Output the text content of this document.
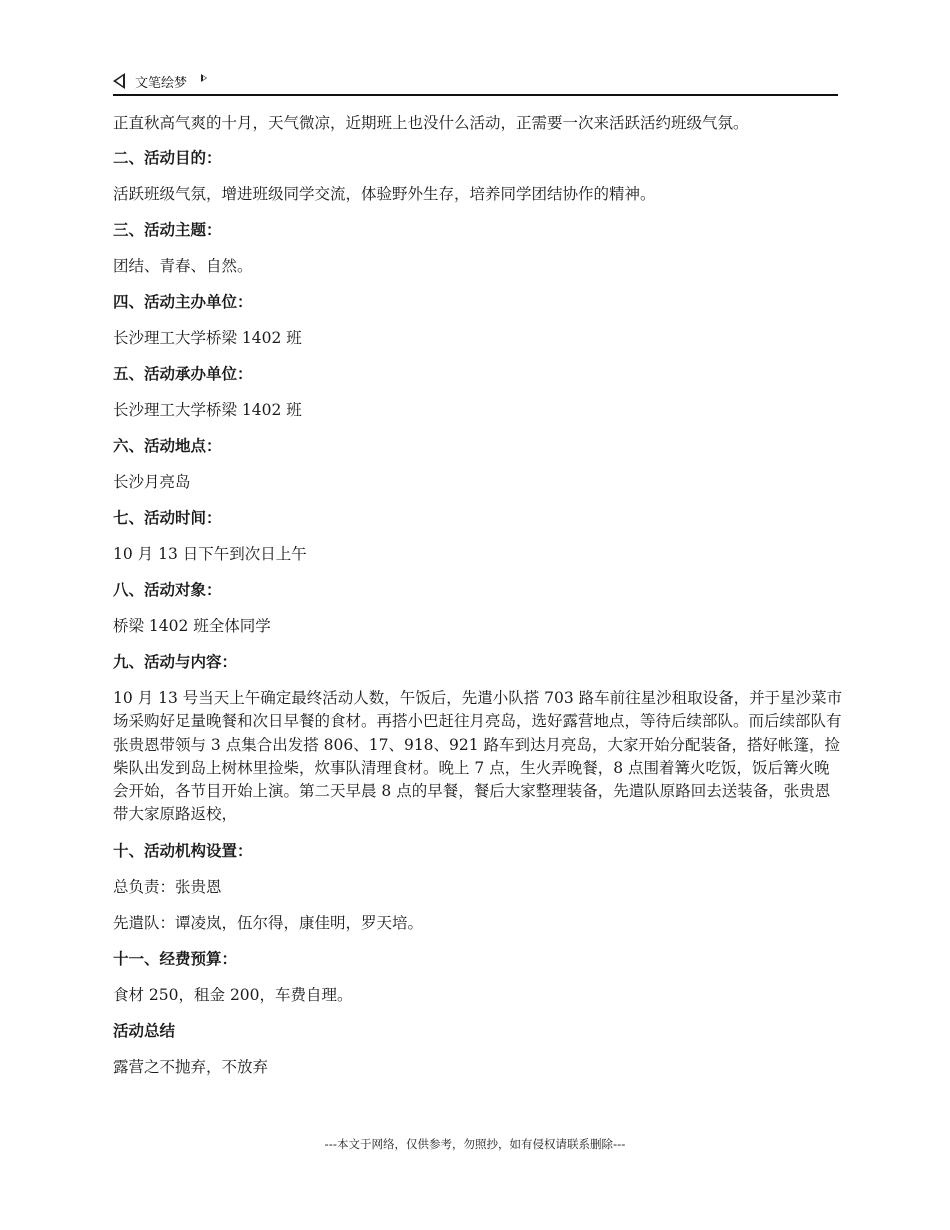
文笔绘梦

正直秋高气爽的十月，天气微凉，近期班上也没什么活动，正需要一次来活跃活约班级气氛。

二、活动目的：

活跃班级气氛，增进班级同学交流，体验野外生存，培养同学团结协作的精神。

三、活动主题：

团结、青春、自然。

四、活动主办单位：

长沙理工大学桥梁 1402 班

五、活动承办单位：

长沙理工大学桥梁 1402 班

六、活动地点：

长沙月亮岛

七、活动时间：

10 月 13 日下午到次日上午

八、活动对象：

桥梁 1402 班全体同学

九、活动与内容：

10 月 13 号当天上午确定最终活动人数，午饭后，先遣小队搭 703 路车前往星沙租取设备，并于星沙菜市场采购好足量晚餐和次日早餐的食材。再搭小巴赶往月亮岛，选好露营地点，等待后续部队。而后续部队有张贵恩带领与 3 点集合出发搭 806、17、918、921 路车到达月亮岛，大家开始分配装备，搭好帐篷，捡柴队出发到岛上树林里捡柴，炊事队清理食材。晚上 7 点，生火弄晚餐，8 点围着篝火吃饭，饭后篝火晚会开始，各节目开始上演。第二天早晨 8 点的早餐，餐后大家整理装备，先遣队原路回去送装备，张贵恩带大家原路返校，

十、活动机构设置：

总负责：张贵恩

先遣队：谭凌岚，伍尔得，康佳明，罗天培。

十一、经费预算：

食材 250，租金 200，车费自理。

活动总结

露营之不抛弃，不放弃

---本文于网络，仅供参考，勿照抄，如有侵权请联系删除---
